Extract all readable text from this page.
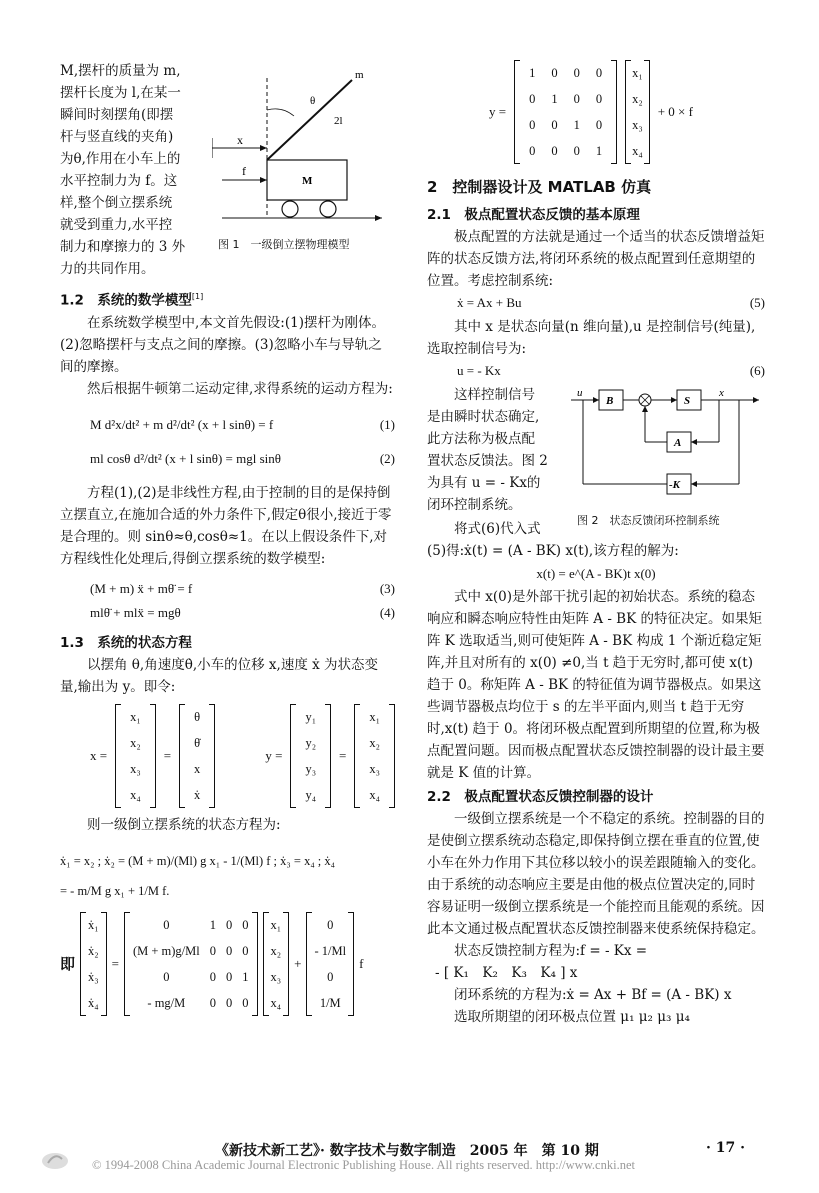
M,摆杆的质量为 m,
摆杆长度为 l,在某一
瞬间时刻摆角(即摆
杆与竖直线的夹角)
为θ,作用在小车上的
水平控制力为 f。这
样,整个倒立摆系统
就受到重力,水平控
制力和摩擦力的 3 外
力的共同作用。
x
m
θ
2l
M
f
图 1　一级倒立摆物理模型
1.2　系统的数学模型[1]

在系统数学模型中,本文首先假设:(1)摆杆为刚体。(2)忽略摆杆与支点之间的摩擦。(3)忽略小车与导轨之间的摩擦。

然后根据牛顿第二运动定律,求得系统的运动方程为:

M d²x/dt² + m d²/dt² (x + l sinθ) = f	(1)
ml cosθ d²/dt² (x + l sinθ) = mgl sinθ	(2)

方程(1),(2)是非线性方程,由于控制的目的是保持倒立摆直立,在施加合适的外力条件下,假定θ很小,接近于零是合理的。则 sinθ≈θ,cosθ≈1。在以上假设条件下,对方程线性化处理后,得倒立摆系统的数学模型:

(M + m) ẍ + mθ̈ = f	(3)
mlθ̈ + mlẍ = mgθ	(4)
1.3　系统的状态方程

以摆角 θ,角速度θ̇,小车的位移 x,速度 ẋ 为状态变量,输出为 y。即令:

x =
x₁
x₂
x₃
x₄
=
θ
θ̇
x
ẋ
y =
y₁
y₂
y₃
y₄
=
x₁
x₂
x₃
x₄

则一级倒立摆系统的状态方程为:

ẋ₁ = x₂ ; ẋ₂ = (M + m)/(Ml) g x₁ - 1/(Ml) f ; ẋ₃ = x₄ ; ẋ₄
= - m/M g x₁ + 1/M f.
即
ẋ₁
ẋ₂
ẋ₃
ẋ₄
=
0	1	0	0
(M + m)g/Ml	0	0	0
0	0	0	1
- mg/M	0	0	0
x₁
x₂
x₃
x₄
+
0
- 1/Ml
0
1/M
f
y =
1	0	0	0
0	1	0	0
0	0	1	0
0	0	0	1
x₁
x₂
x₃
x₄
+ 0 × f
2　控制器设计及 MATLAB 仿真
2.1　极点配置状态反馈的基本原理

极点配置的方法就是通过一个适当的状态反馈增益矩阵的状态反馈方法,将闭环系统的极点配置到任意期望的位置。考虑控制系统:

ẋ = Ax + Bu	(5)

其中 x 是状态向量(n 维向量),u 是控制信号(纯量),选取控制信号为:

u = - Kx	(6)
这样控制信号
是由瞬时状态确定,
此方法称为极点配
置状态反馈法。图 2
为具有 u = - Kx的
闭环控制系统。
u
B	S
x
A
-K

将式(6)代入式

图 2　状态反馈闭环控制系统

(5)得:ẋ(t) = (A - BK) x(t),该方程的解为:

x(t) = e^(A - BK)t x(0)

式中 x(0)是外部干扰引起的初始状态。系统的稳态响应和瞬态响应特性由矩阵 A - BK 的特征决定。如果矩阵 K 选取适当,则可使矩阵 A - BK 构成 1 个渐近稳定矩阵,并且对所有的 x(0) ≠0,当 t 趋于无穷时,都可使 x(t) 趋于 0。称矩阵 A - BK 的特征值为调节器极点。如果这些调节器极点均位于 s 的左半平面内,则当 t 趋于无穷时,x(t) 趋于 0。将闭环极点配置到所期望的位置,称为极点配置问题。因而极点配置状态反馈控制器的设计最主要就是 K 值的计算。

2.2　极点配置状态反馈控制器的设计

一级倒立摆系统是一个不稳定的系统。控制器的目的是使倒立摆系统动态稳定,即保持倒立摆在垂直的位置,使小车在外力作用下其位移以较小的误差跟随输入的变化。由于系统的动态响应主要是由他的极点位置决定的,同时容易证明一级倒立摆系统是一个能控而且能观的系统。因此本文通过极点配置状态反馈控制器来使系统保持稳定。

状态反馈控制方程为:f = - Kx =

- [ K₁　K₂　K₃　K₄ ] x

闭环系统的方程为:ẋ = Ax + Bf = (A - BK) x

选取所期望的闭环极点位置 μ₁ μ₂ μ₃ μ₄

《新技术新工艺》· 数字技术与数字制造　2005 年　第 10 期	· 17 ·
© 1994-2008 China Academic Journal Electronic Publishing House. All rights reserved. http://www.cnki.net
